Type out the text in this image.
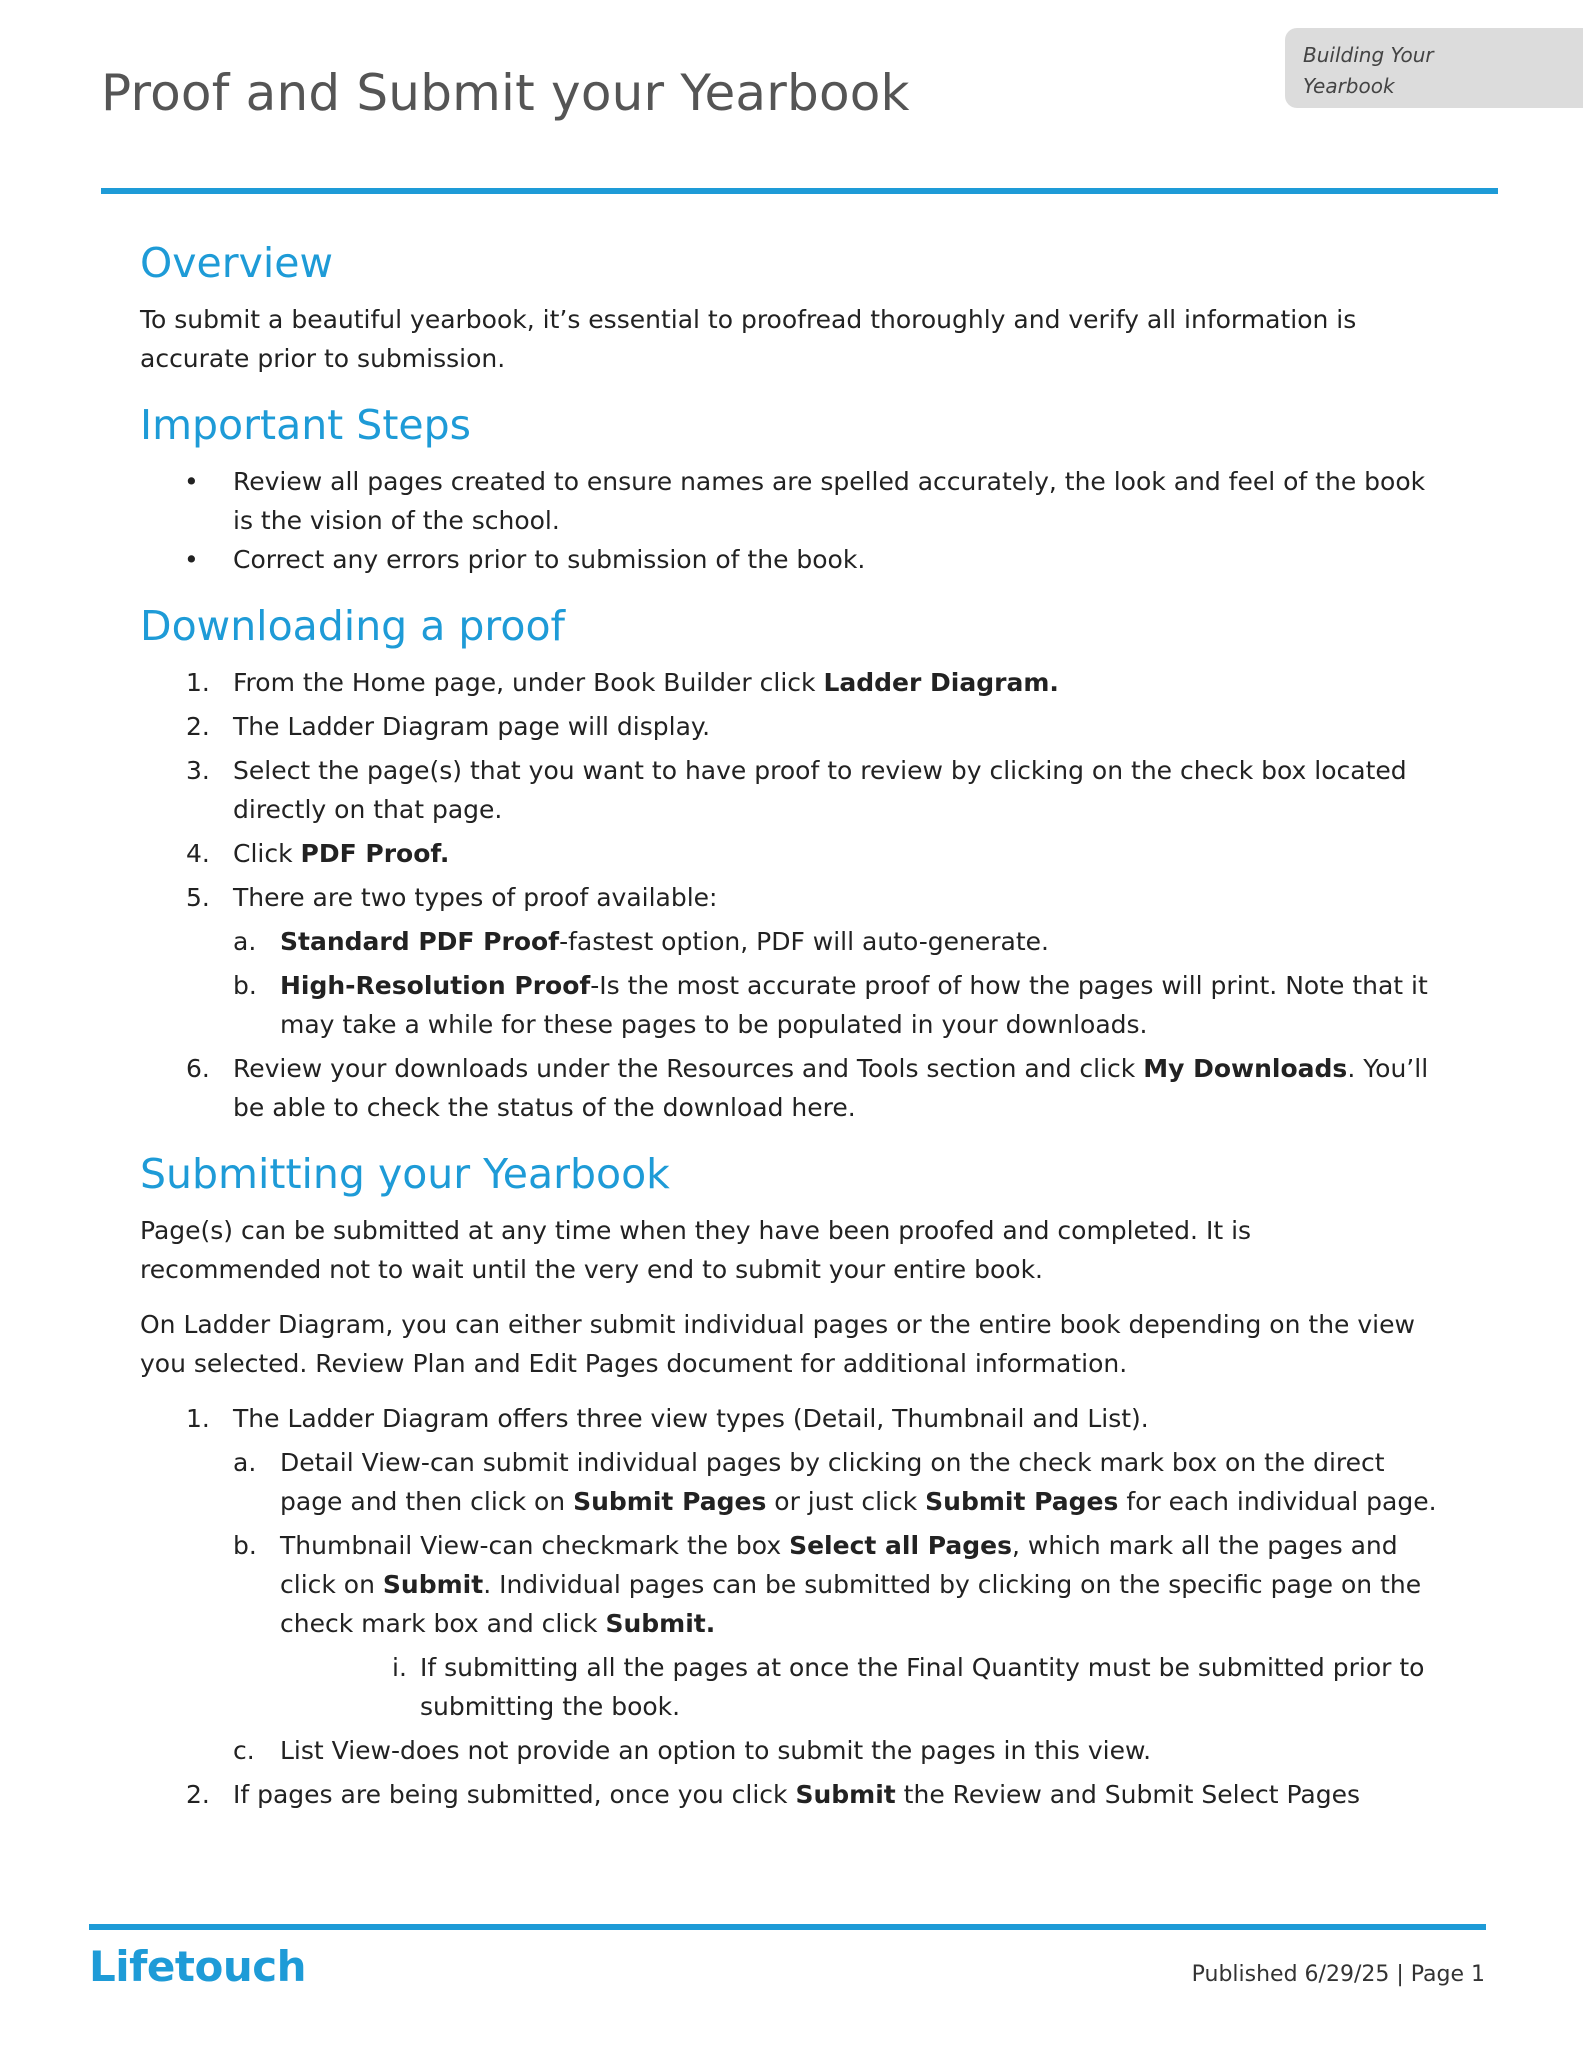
Building Your
Yearbook
Proof and Submit your Yearbook
Overview

To submit a beautiful yearbook, it’s essential to proofread thoroughly and verify all information is accurate prior to submission.

Important Steps
• Review all pages created to ensure names are spelled accurately, the look and feel of the book is the vision of the school.
• Correct any errors prior to submission of the book.
Downloading a proof
1. From the Home page, under Book Builder click Ladder Diagram.
2. The Ladder Diagram page will display.
3. Select the page(s) that you want to have proof to review by clicking on the check box located directly on that page.
4. Click PDF Proof.
5. There are two types of proof available:
a. Standard PDF Proof-fastest option, PDF will auto-generate.
b. High-Resolution Proof-Is the most accurate proof of how the pages will print. Note that it may take a while for these pages to be populated in your downloads.
6. Review your downloads under the Resources and Tools section and click My Downloads. You’ll be able to check the status of the download here.
Submitting your Yearbook

Page(s) can be submitted at any time when they have been proofed and completed. It is recommended not to wait until the very end to submit your entire book.

On Ladder Diagram, you can either submit individual pages or the entire book depending on the view you selected. Review Plan and Edit Pages document for additional information.

1. The Ladder Diagram offers three view types (Detail, Thumbnail and List).
a. Detail View-can submit individual pages by clicking on the check mark box on the direct page and then click on Submit Pages or just click Submit Pages for each individual page.
b. Thumbnail View-can checkmark the box Select all Pages, which mark all the pages and click on Submit. Individual pages can be submitted by clicking on the specific page on the check mark box and click Submit.
i. If submitting all the pages at once the Final Quantity must be submitted prior to submitting the book.
c. List View-does not provide an option to submit the pages in this view.
2. If pages are being submitted, once you click Submit the Review and Submit Select Pages
Lifetouch	Published 6/29/25 | Page 1
